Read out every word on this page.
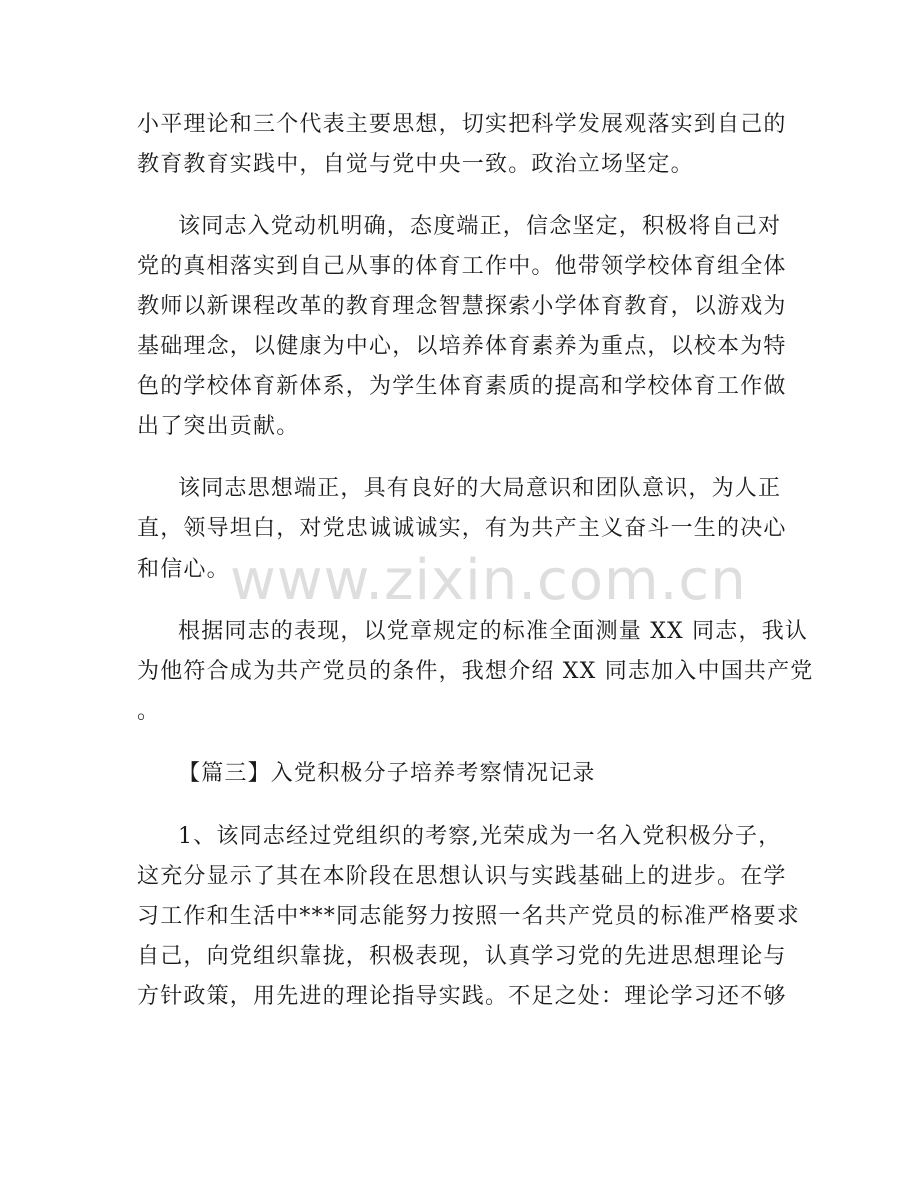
小平理论和三个代表主要思想，切实把科学发展观落实到自己的
教育教育实践中，自觉与党中央一致。政治立场坚定。
该同志入党动机明确，态度端正，信念坚定，积极将自己对
党的真相落实到自己从事的体育工作中。他带领学校体育组全体
教师以新课程改革的教育理念智慧探索小学体育教育，以游戏为
基础理念，以健康为中心，以培养体育素养为重点，以校本为特
色的学校体育新体系，为学生体育素质的提高和学校体育工作做
出了突出贡献。
该同志思想端正，具有良好的大局意识和团队意识，为人正
直，领导坦白，对党忠诚诚诚实，有为共产主义奋斗一生的决心
和信心。
根据同志的表现，以党章规定的标准全面测量 XX 同志，我认
为他符合成为共产党员的条件，我想介绍 XX 同志加入中国共产党
。
【篇三】入党积极分子培养考察情况记录
1、该同志经过党组织的考察,光荣成为一名入党积极分子，
这充分显示了其在本阶段在思想认识与实践基础上的进步。在学
习工作和生活中***同志能努力按照一名共产党员的标准严格要求
自己，向党组织靠拢，积极表现，认真学习党的先进思想理论与
方针政策，用先进的理论指导实践。不足之处：理论学习还不够
www.zixin.com.cn
